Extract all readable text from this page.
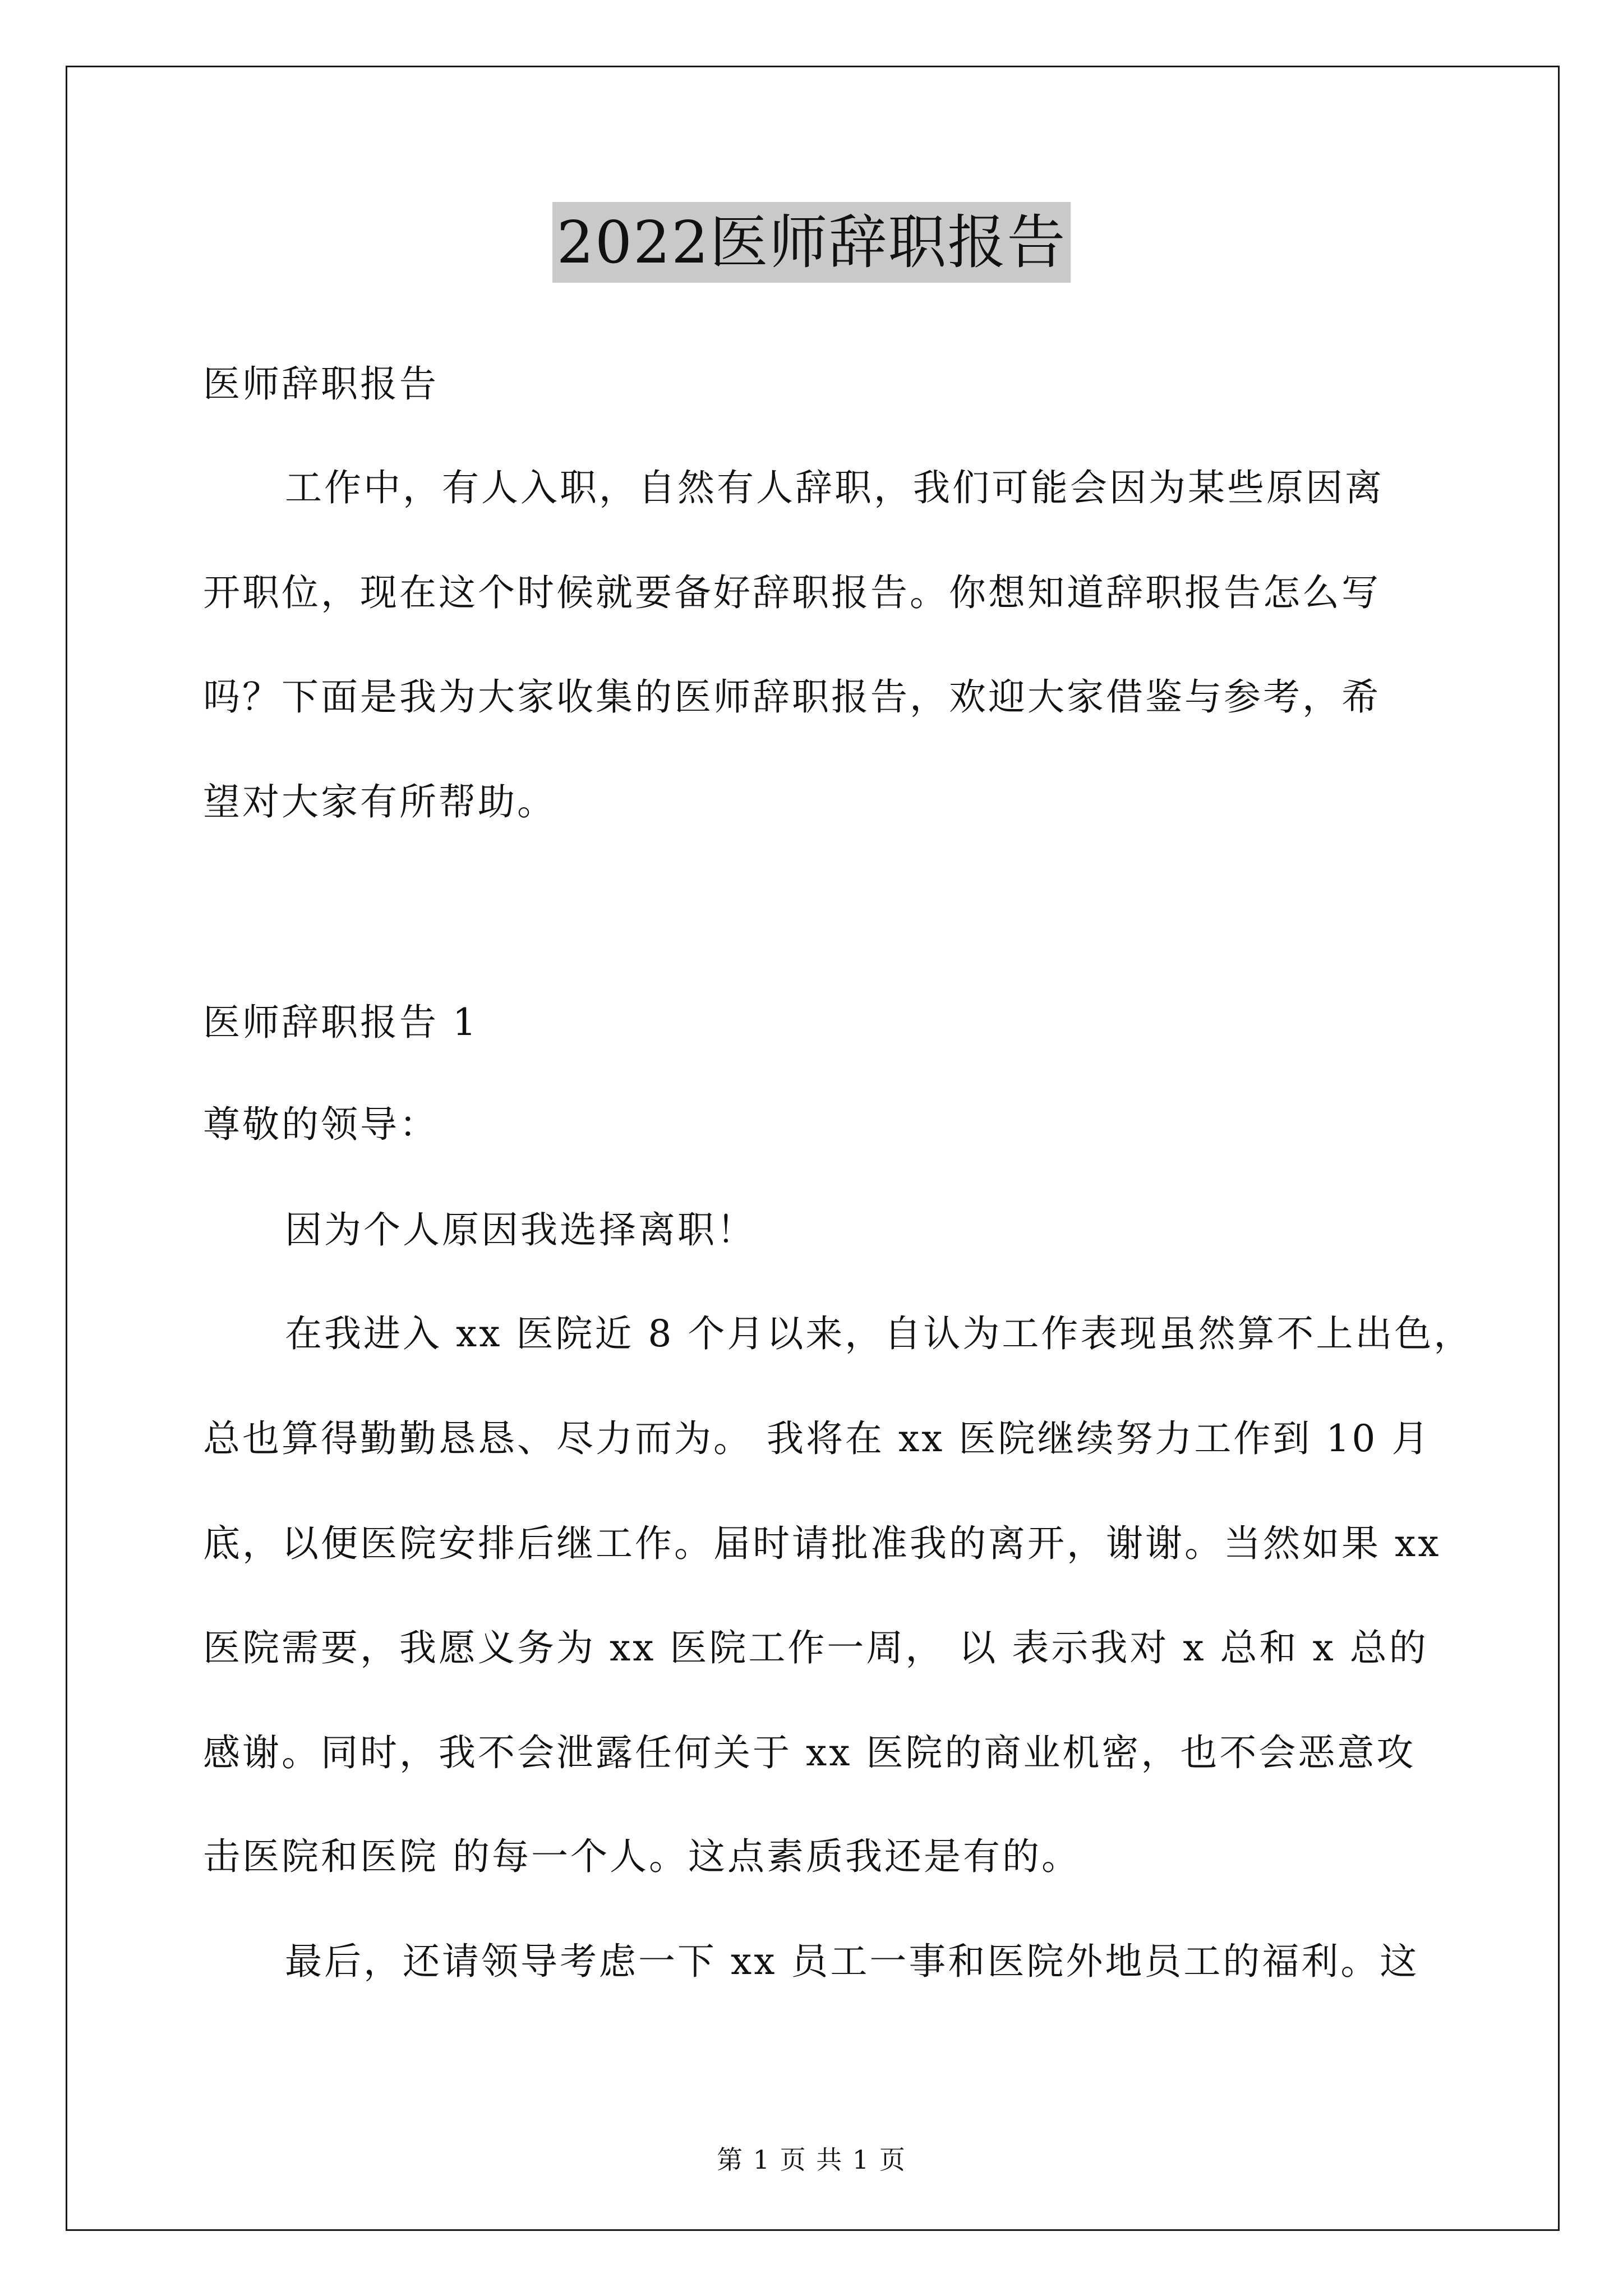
2022医师辞职报告
医师辞职报告
工作中，有人入职，自然有人辞职，我们可能会因为某些原因离
开职位，现在这个时候就要备好辞职报告。你想知道辞职报告怎么写
吗？下面是我为大家收集的医师辞职报告，欢迎大家借鉴与参考，希
望对大家有所帮助。
医师辞职报告 1
尊敬的领导：
因为个人原因我选择离职！
在我进入 xx 医院近 8 个月以来，自认为工作表现虽然算不上出色，
总也算得勤勤恳恳、尽力而为。 我将在 xx 医院继续努力工作到 10 月
底，以便医院安排后继工作。届时请批准我的离开，谢谢。当然如果 xx
医院需要，我愿义务为 xx 医院工作一周， 以 表示我对 x 总和 x 总的
感谢。同时，我不会泄露任何关于 xx 医院的商业机密，也不会恶意攻
击医院和医院 的每一个人。这点素质我还是有的。
最后，还请领导考虑一下 xx 员工一事和医院外地员工的福利。这
第 1 页 共 1 页
